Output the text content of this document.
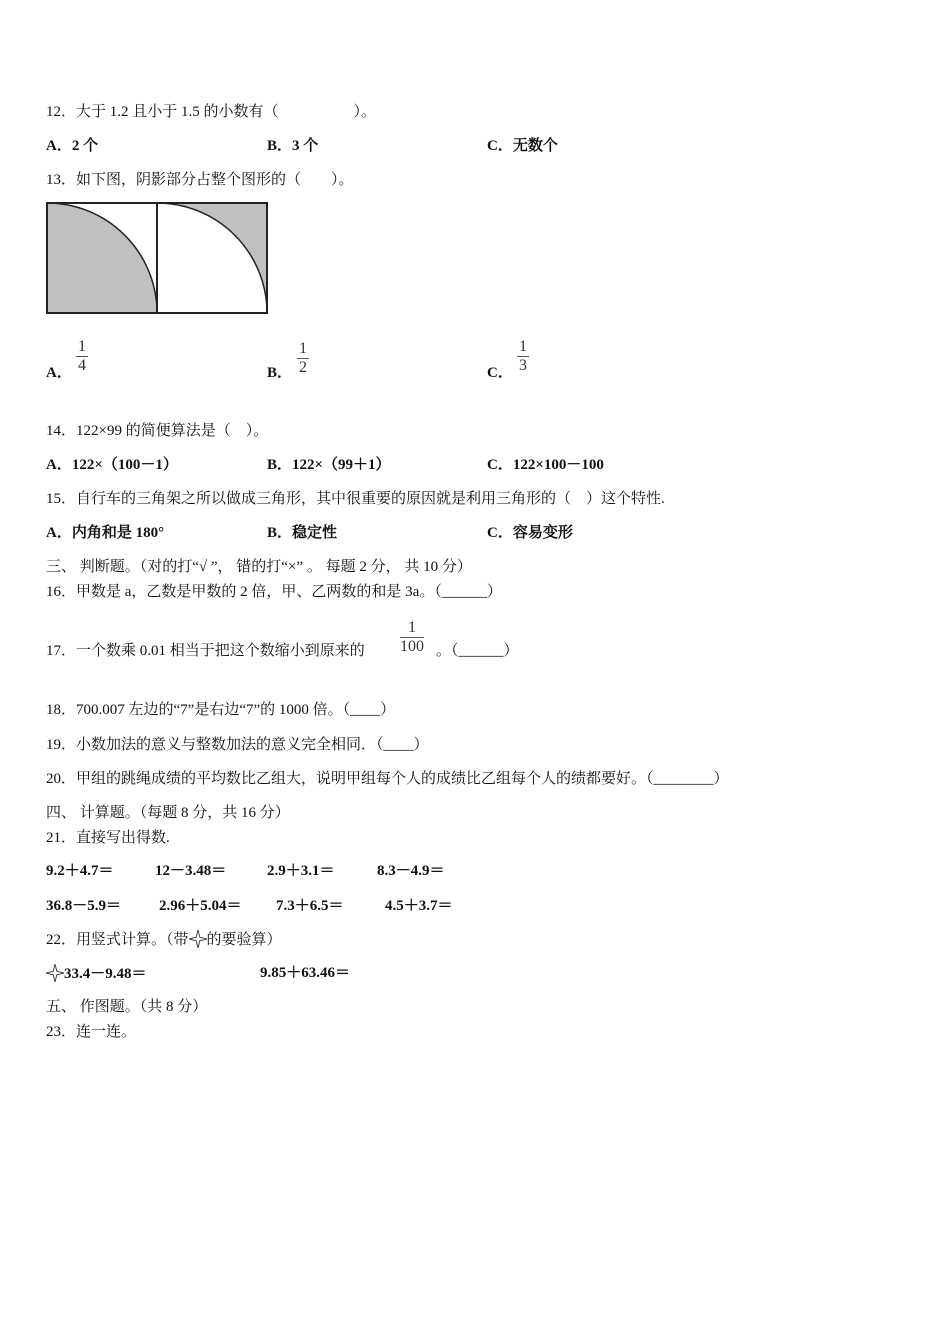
12．大于 1.2 且小于 1.5 的小数有（　　　　　）。
A．2 个	B．3 个	C．无数个
13．如下图，阴影部分占整个图形的（　　）。
A． $\frac{1}{4}$	B． $\frac{1}{2}$	C． $\frac{1}{3}$
14．122×99 的简便算法是（　）。
A．122×（100－1）	B．122×（99＋1）	C．122×100－100
15．自行车的三角架之所以做成三角形，其中很重要的原因就是利用三角形的（　）这个特性.
A．内角和是 180°	B．稳定性	C．容易变形
三、 判断题。（对的打“√ ”， 错的打“×” 。 每题 2 分， 共 10 分）
16．甲数是 a，乙数是甲数的 2 倍，甲、乙两数的和是 3a。（______）
17．一个数乘 0.01 相当于把这个数缩小到原来的 $\frac{1}{100}$ 。（______）
18．700.007 左边的“7”是右边“7”的 1000 倍。（____）
19．小数加法的意义与整数加法的意义完全相同．（____）
20．甲组的跳绳成绩的平均数比乙组大，说明甲组每个人的成绩比乙组每个人的绩都要好。（________）
四、 计算题。（每题 8 分，共 16 分）
21．直接写出得数.
9.2＋4.7＝	12－3.48＝	2.9＋3.1＝	8.3－4.9＝
36.8－5.9＝	2.96＋5.04＝ 7.3＋6.5＝	4.5＋3.7＝
22．用竖式计算。（带 的要验算）
33.4－9.48＝	9.85＋63.46＝
五、 作图题。（共 8 分）
23．连一连。
